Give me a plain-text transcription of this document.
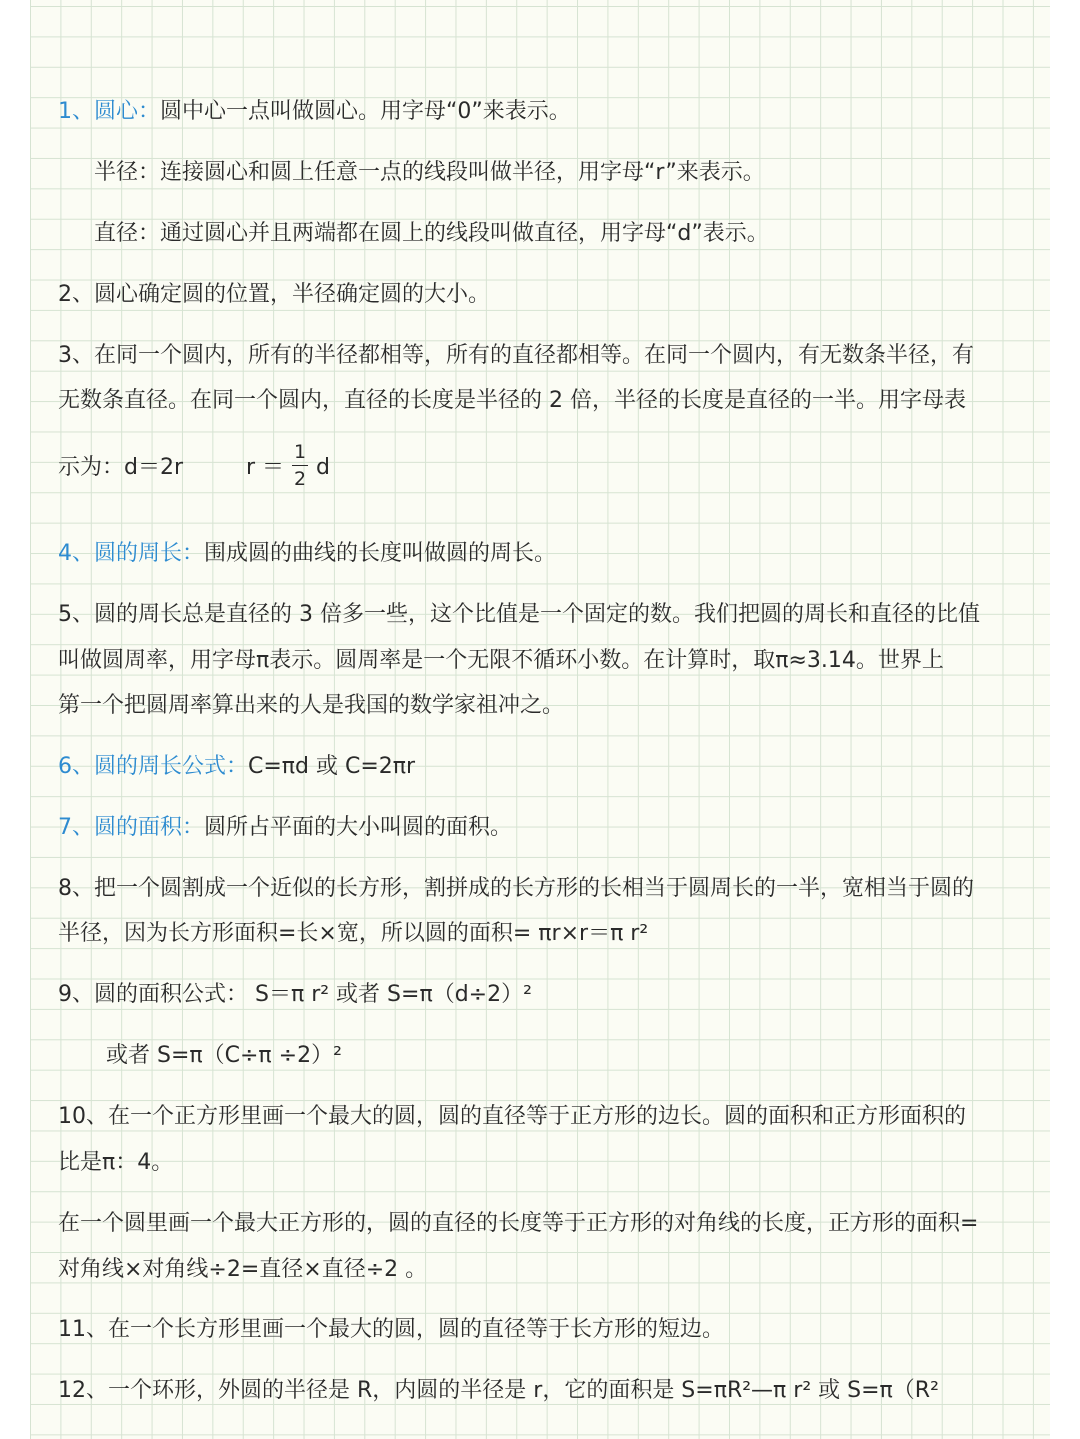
1、圆心：圆中心一点叫做圆心。用字母“0”来表示。
半径：连接圆心和圆上任意一点的线段叫做半径，用字母“r”来表示。
直径：通过圆心并且两端都在圆上的线段叫做直径，用字母“d”表示。
2、圆心确定圆的位置，半径确定圆的大小。
3、在同一个圆内，所有的半径都相等，所有的直径都相等。在同一个圆内，有无数条半径，有
无数条直径。在同一个圆内，直径的长度是半径的 2 倍，半径的长度是直径的一半。用字母表
示为：d＝2r	r ＝
1
2 d
4、圆的周长：围成圆的曲线的长度叫做圆的周长。
5、圆的周长总是直径的 3 倍多一些，这个比值是一个固定的数。我们把圆的周长和直径的比值
叫做圆周率，用字母π表示。圆周率是一个无限不循环小数。在计算时，取π≈3.14。世界上
第一个把圆周率算出来的人是我国的数学家祖冲之。
6、圆的周长公式：C=πd 或 C=2πr
7、圆的面积：圆所占平面的大小叫圆的面积。
8、把一个圆割成一个近似的长方形，割拼成的长方形的长相当于圆周长的一半，宽相当于圆的
半径，因为长方形面积=长×宽，所以圆的面积= πr×r＝π r²
9、圆的面积公式： S＝π r² 或者 S=π（d÷2）²
或者 S=π（C÷π ÷2）²
10、在一个正方形里画一个最大的圆，圆的直径等于正方形的边长。圆的面积和正方形面积的
比是π：4。
在一个圆里画一个最大正方形的，圆的直径的长度等于正方形的对角线的长度，正方形的面积=
对角线×对角线÷2=直径×直径÷2 。
11、在一个长方形里画一个最大的圆，圆的直径等于长方形的短边。
12、一个环形，外圆的半径是 R，内圆的半径是 r，它的面积是 S=πR²—π r² 或 S=π（R²
